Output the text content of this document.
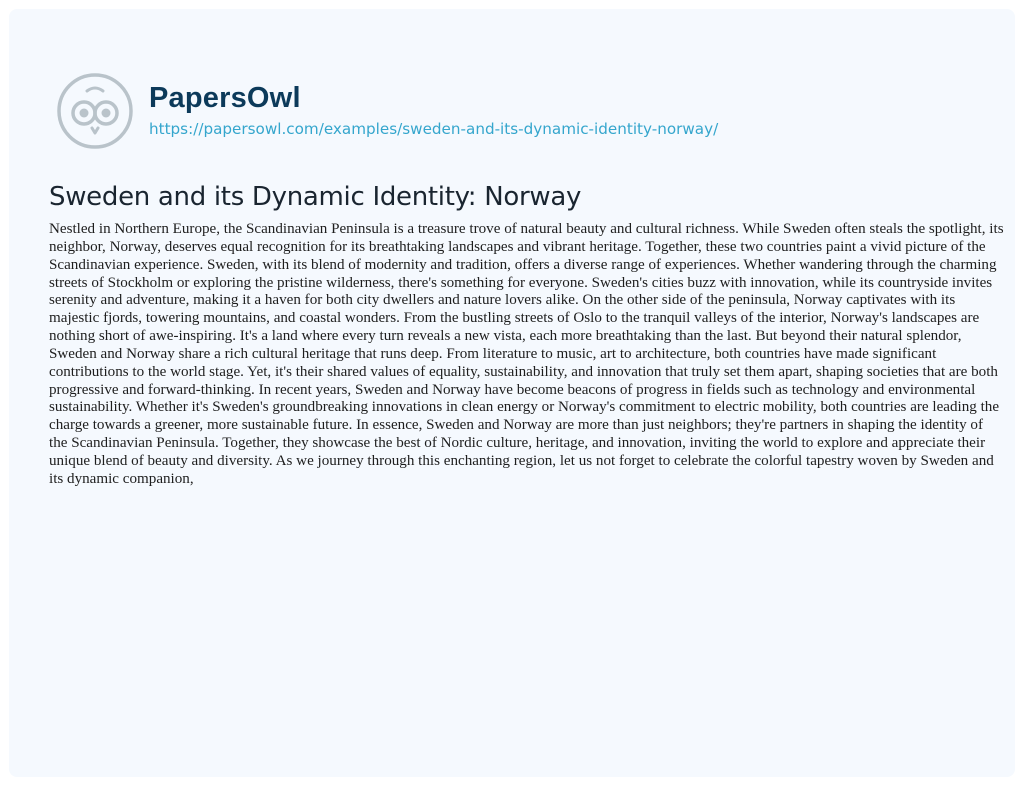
PapersOwl
https://papersowl.com/examples/sweden-and-its-dynamic-identity-norway/
Sweden and its Dynamic Identity: Norway

Nestled in Northern Europe, the Scandinavian Peninsula is a treasure trove of natural beauty and cultural richness. While Sweden often steals the spotlight, its neighbor, Norway, deserves equal recognition for its breathtaking landscapes and vibrant heritage. Together, these two countries paint a vivid picture of the Scandinavian experience. Sweden, with its blend of modernity and tradition, offers a diverse range of experiences. Whether wandering through the charming streets of Stockholm or exploring the pristine wilderness, there's something for everyone. Sweden's cities buzz with innovation, while its countryside invites serenity and adventure, making it a haven for both city dwellers and nature lovers alike. On the other side of the peninsula, Norway captivates with its majestic fjords, towering mountains, and coastal wonders. From the bustling streets of Oslo to the tranquil valleys of the interior, Norway's landscapes are nothing short of awe-inspiring. It's a land where every turn reveals a new vista, each more breathtaking than the last. But beyond their natural splendor, Sweden and Norway share a rich cultural heritage that runs deep. From literature to music, art to architecture, both countries have made significant contributions to the world stage. Yet, it's their shared values of equality, sustainability, and innovation that truly set them apart, shaping societies that are both progressive and forward-thinking. In recent years, Sweden and Norway have become beacons of progress in fields such as technology and environmental sustainability. Whether it's Sweden's groundbreaking innovations in clean energy or Norway's commitment to electric mobility, both countries are leading the charge towards a greener, more sustainable future. In essence, Sweden and Norway are more than just neighbors; they're partners in shaping the identity of the Scandinavian Peninsula. Together, they showcase the best of Nordic culture, heritage, and innovation, inviting the world to explore and appreciate their unique blend of beauty and diversity. As we journey through this enchanting region, let us not forget to celebrate the colorful tapestry woven by Sweden and its dynamic companion,
